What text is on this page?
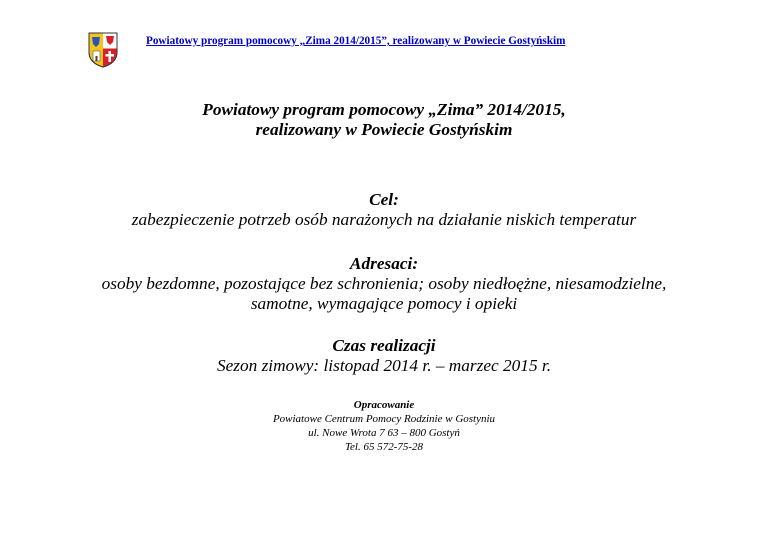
Powiatowy program pomocowy „Zima 2014/2015”, realizowany w Powiecie Gostyńskim
Powiatowy program pomocowy „Zima” 2014/2015,
realizowany w Powiecie Gostyńskim
Cel:
zabezpieczenie potrzeb osób narażonych na działanie niskich temperatur
Adresaci:
osoby bezdomne, pozostające bez schronienia; osoby niedłoężne, niesamodzielne,
samotne, wymagające pomocy i opieki
Czas realizacji
Sezon zimowy: listopad 2014 r. – marzec 2015 r.
Opracowanie
Powiatowe Centrum Pomocy Rodzinie w Gostyniu
ul. Nowe Wrota 7 63 – 800 Gostyń
Tel. 65 572-75-28
